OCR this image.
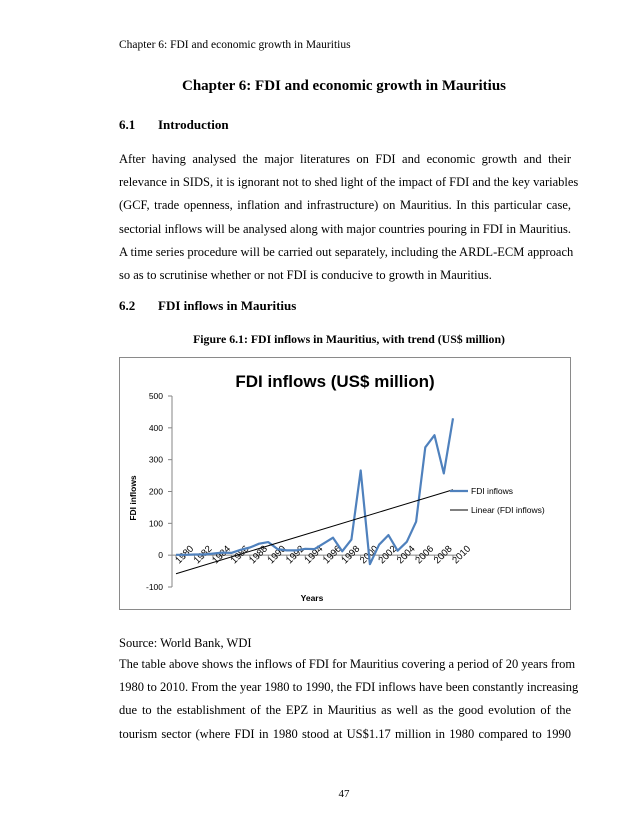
Chapter 6: FDI and economic growth in Mauritius
Chapter 6: FDI and economic growth in Mauritius
6.1 Introduction
After having analysed the major literatures on FDI and economic growth and their
relevance in SIDS, it is ignorant not to shed light of the impact of FDI and the key variables
(GCF, trade openness, inflation and infrastructure) on Mauritius. In this particular case,
sectorial inflows will be analysed along with major countries pouring in FDI in Mauritius.
A time series procedure will be carried out separately, including the ARDL-ECM approach
so as to scrutinise whether or not FDI is conducive to growth in Mauritius.
6.2 FDI inflows in Mauritius
Figure 6.1: FDI inflows in Mauritius, with trend (US$ million)
FDI inflows (US$ million)
500
400
300
200
100
0
-100
1980
1982
1984
1986
1988
1990
1992
1994
1996
1998
2000
2002
2004
2006
2008
2010
FDI inflows
Years
FDI inflows
Linear (FDI inflows)
Source: World Bank, WDI
The table above shows the inflows of FDI for Mauritius covering a period of 20 years from
1980 to 2010. From the year 1980 to 1990, the FDI inflows have been constantly increasing
due to the establishment of the EPZ in Mauritius as well as the good evolution of the
tourism sector (where FDI in 1980 stood at US$1.17 million in 1980 compared to 1990
47
